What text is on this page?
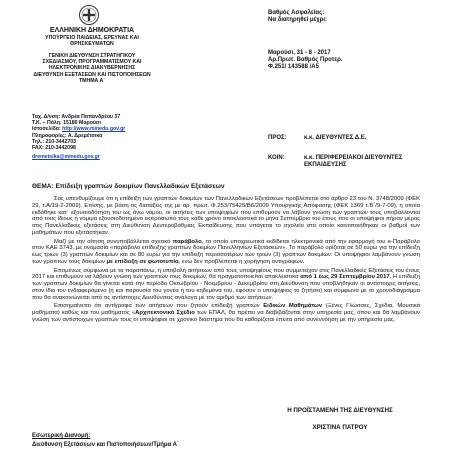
ΕΛΛΗΝΙΚΗ ΔΗΜΟΚΡΑΤΙΑ
ΥΠΟΥΡΓΕΙΟ ΠΑΙΔΕΙΑΣ, ΕΡΕΥΝΑΣ ΚΑΙ
ΘΡΗΣΚΕΥΜΑΤΩΝ
ΓΕΝΙΚΗ ΔΙΕΥΘΥΝΣΗ ΣΤΡΑΤΗΓΙΚΟΥ
ΣΧΕΔΙΑΣΜΟΥ, ΠΡΟΓΡΑΜΜΑΤΙΣΜΟΥ ΚΑΙ
ΗΛΕΚΤΡΟΝΙΚΗΣ ΔΙΑΚΥΒΕΡΝΗΣΗΣ
ΔΙΕΥΘΥΝΣΗ ΕΞΕΤΑΣΕΩΝ ΚΑΙ ΠΙΣΤΟΠΟΙΗΣΕΩΝ
ΤΜΗΜΑ Α΄
Ταχ. Δ/νση: Ανδρέα Παπανδρέου 37
Τ.Κ. – Πόλη: 15180 Μαρούσι
Ιστοσελίδα: http://www.minedu.gov.gr
Πληροφορίες: Α. Δρεμέτσικα
Τηλ.: 210-3442703
FAX: 210-3442098
dremetsika@minedu.gov.gr
Βαθμός Ασφαλείας:
Να διατηρηθεί μέχρι:
Μαρούσι, 31 - 8 - 2017
Αρ.Πρωτ. Βαθμός Προτερ.
Φ.251/ 143588 /Α5
ΠΡΟΣ:	κ.κ. ΔΙΕΥΘΥΝΤΕΣ Δ.Ε.
ΚΟΙΝ:	κ.κ. ΠΕΡΙΦΕΡΕΙΑΚΟΙ ΔΙΕΥΘΥΝΤΕΣ
ΕΚΠΑΙΔΕΥΣΗΣ
ΘΕΜΑ: Επίδειξη γραπτών δοκιμίων Πανελλαδικών Εξετάσεων

Σας υπενθυμίζουμε ότι η επίδειξη των γραπτών δοκιμίων των Πανελλαδικών Εξετάσεων προβλέπεται στο άρθρο 23 του Ν. 3748/2009 (ΦΕΚ 29, τ.Α/19-2-2009). Επίσης, με βάση τις διατάξεις της με αρ. πρωτ. Φ.253/75425/Β6/2009 Υπουργικής Απόφασης (ΦΕΚ 1369 τ.Β΄/9-7-09), η οποία εκδόθηκε κατ΄ εξουσιοδότηση του ως άνω νόμου, οι αιτήσεις των υποψηφίων που επιθυμούν να λάβουν γνώση των γραπτών τους υποβάλλονται από τους ίδιους ή νόμιμα εξουσιοδοτημένο εκπρόσωπό τους κάθε χρόνο αποκλειστικά το μήνα Σεπτέμβριο του έτους που οι υποψήφιοι πήραν μέρος στις Πανελλαδικές εξετάσεις στη Διεύθυνση Δευτεροβάθμιας Εκπαίδευσης που υπάγεται το σχολείο στο οποίο κοινοποιήθηκαν οι βαθμοί των μαθημάτων που εξετάστηκαν.

Μαζί με την αίτηση συνυποβάλλεται σχετικό παράβολο, το οποίο υποχρεωτικά εκδίδεται ηλεκτρονικά από την εφαρμογή του e-Παράβολο στον ΚΑΕ 3743, με ονομασία «παράβολο επίδειξης γραπτών δοκιμίων Πανελληνίων Εξετάσεων». Το παράβολο ορίζεται σε 50 ευρώ για την επίδειξη έως τριών (3) γραπτών δοκιμίων και σε 80 ευρώ για την επίδειξη περισσοτέρων των τριών (3) γραπτών δοκιμίων. Οι υποψήφιοι λαμβάνουν γνώση των γραπτών τους δοκιμίων με επίδειξη σε φωτοτυπία, ενώ δεν προβλέπεται η χορήγηση αντιγράφων.

Επομένως σύμφωνα με τα παραπάνω, η υποβολή αιτήσεων από τους υποψηφίους που συμμετείχαν στις Πανελλαδικές Εξετάσεις του έτους 2017 και επιθυμούν να λάβουν γνώση των γραπτών τους δοκιμίων, θα πραγματοποιείται αποκλειστικά από 1 έως 29 Σεπτεμβρίου 2017. Η επίδειξη των γραπτών δοκιμίων θα γίνεται κατά την περίοδο Οκτωβρίου - Νοεμβρίου - Δεκεμβρίου στη Διεύθυνση που υποβλήθηκαν οι αντίστοιχες αιτήσεις, στον ίδιο τον ενδιαφερόμενο (ή και παρουσία του γονέα ή του κηδεμόνα του, εφόσον ο υποψήφιος το ζητήσει) και σύμφωνα με το χρονοδιάγραμμα που θα ανακοινώνεται από τις αντίστοιχες Διευθύνσεις ανάλογα με τον αριθμό των αιτήσεων.

Επισημαίνεται ότι αντίγραφα των αιτήσεων που ζητούν επίδειξη γραπτών Ειδικών Μαθημάτων (Ξένες Γλώσσες, Σχέδια, Μουσικά μαθήματα) καθώς και του μαθήματος «Αρχιτεκτονικό Σχέδιο των ΕΠΑΛ, θα πρέπει να διαβιβάζονται στην υπηρεσία μας, όπου και θα λαμβάνουν γνώση των αντίστοιχων γραπτών τους οι υποψήφιοι σε χρονικό διάστημα που θα καθορίζεται έπειτα από συνεννόηση με την υπηρεσία μας.

Η ΠΡΟΪΣΤΑΜΕΝΗ ΤΗΣ ΔΙΕΥΘΥΝΣΗΣ
ΧΡΙΣΤΙΝΑ ΠΑΤΡΟΥ
Εσωτερική Διανομή:
Διεύθυνση Εξετάσεων και Πιστοποιήσεων/Τμήμα Α΄
